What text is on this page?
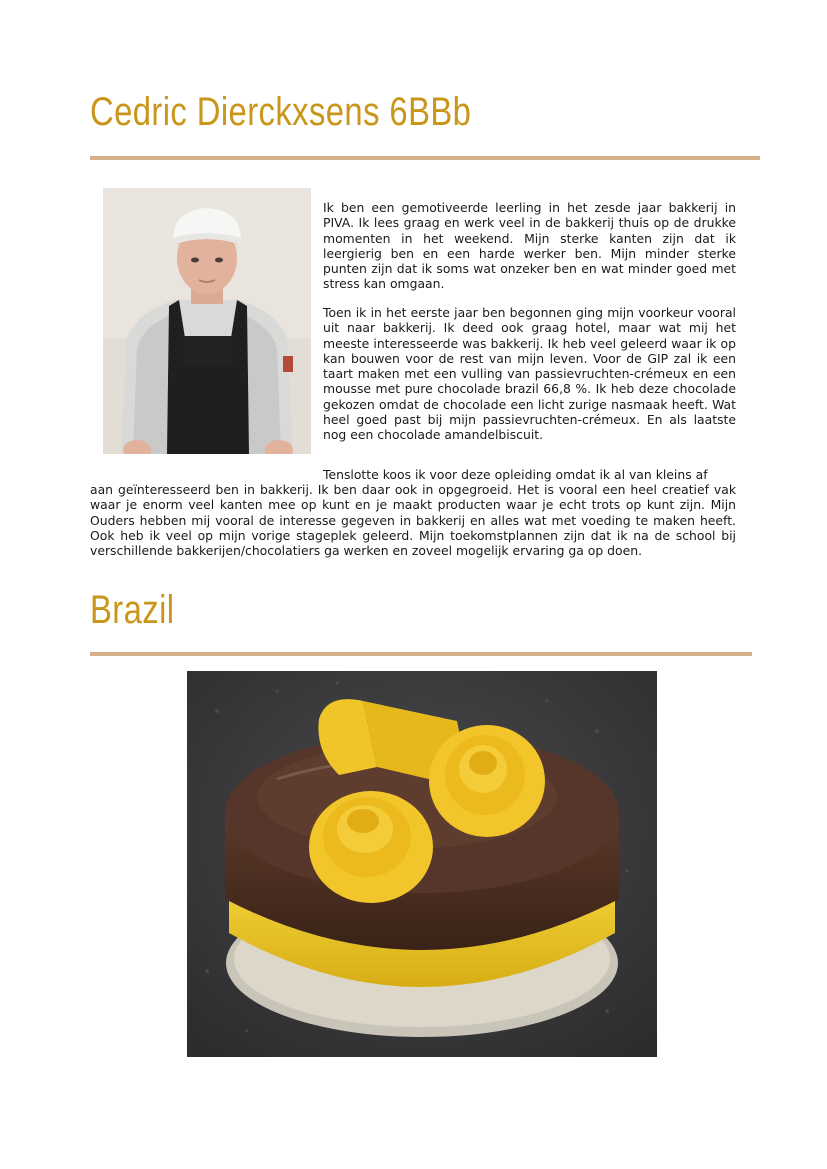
Cedric Dierckxsens 6BBb

Ik ben een gemotiveerde leerling in het zesde jaar bakkerij in PIVA. Ik lees graag en werk veel in de bakkerij thuis op de drukke momenten in het weekend. Mijn sterke kanten zijn dat ik leergierig ben en een harde werker ben. Mijn minder sterke punten zijn dat ik soms wat onzeker ben en wat minder goed met stress kan omgaan.

Toen ik in het eerste jaar ben begonnen ging mijn voorkeur vooral uit naar bakkerij. Ik deed ook graag hotel, maar wat mij het meeste interesseerde was bakkerij. Ik heb veel geleerd waar ik op kan bouwen voor de rest van mijn leven. Voor de GIP zal ik een taart maken met een vulling van passievruchten-crémeux en een mousse met pure chocolade brazil 66,8 %. Ik heb deze chocolade gekozen omdat de chocolade een licht zurige nasmaak heeft. Wat heel goed past bij mijn passievruchten-crémeux. En als laatste nog een chocolade amandelbiscuit.

Tenslotte koos ik voor deze opleiding omdat ik al van kleins af

aan geïnteresseerd ben in bakkerij. Ik ben daar ook in opgegroeid. Het is vooral een heel creatief vak waar je enorm veel kanten mee op kunt en je maakt producten waar je echt trots op kunt zijn. Mijn Ouders hebben mij vooral de interesse gegeven in bakkerij en alles wat met voeding te maken heeft. Ook heb ik veel op mijn vorige stageplek geleerd. Mijn toekomstplannen zijn dat ik na de school bij verschillende bakkerijen/chocolatiers ga werken en zoveel mogelijk ervaring ga op doen.

Brazil
